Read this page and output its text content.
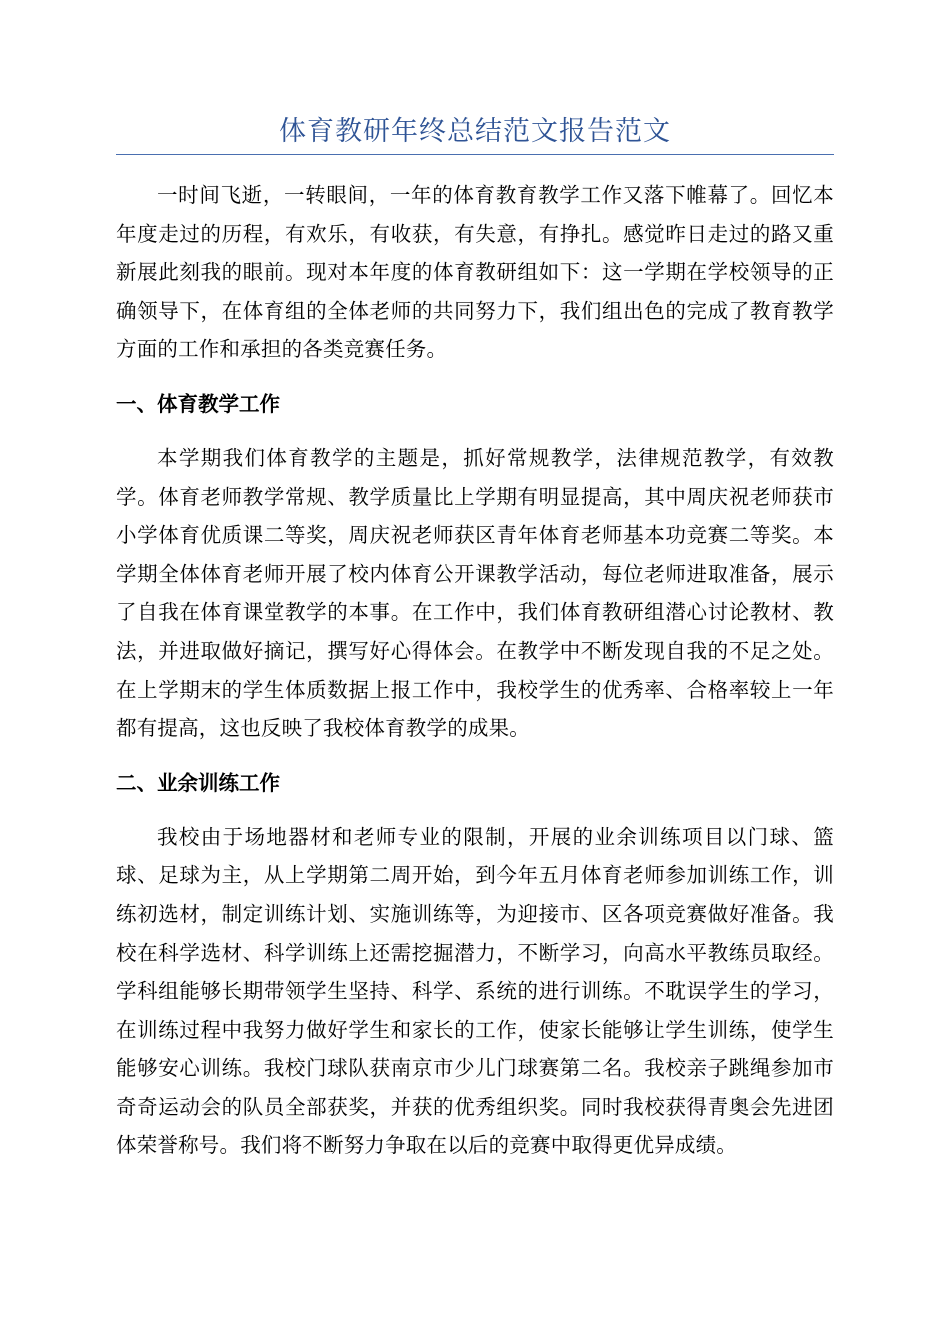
体育教研年终总结范文报告范文

一时间飞逝，一转眼间，一年的体育教育教学工作又落下帷幕了。回忆本年度走过的历程，有欢乐，有收获，有失意，有挣扎。感觉昨日走过的路又重新展此刻我的眼前。现对本年度的体育教研组如下：这一学期在学校领导的正确领导下，在体育组的全体老师的共同努力下，我们组出色的完成了教育教学方面的工作和承担的各类竞赛任务。

一、体育教学工作

本学期我们体育教学的主题是，抓好常规教学，法律规范教学，有效教学。体育老师教学常规、教学质量比上学期有明显提高，其中周庆祝老师获市小学体育优质课二等奖，周庆祝老师获区青年体育老师基本功竞赛二等奖。本学期全体体育老师开展了校内体育公开课教学活动，每位老师进取准备，展示了自我在体育课堂教学的本事。在工作中，我们体育教研组潜心讨论教材、教法，并进取做好摘记，撰写好心得体会。在教学中不断发现自我的不足之处。在上学期末的学生体质数据上报工作中，我校学生的优秀率、合格率较上一年都有提高，这也反映了我校体育教学的成果。

二、业余训练工作

我校由于场地器材和老师专业的限制，开展的业余训练项目以门球、篮球、足球为主，从上学期第二周开始，到今年五月体育老师参加训练工作，训练初选材，制定训练计划、实施训练等，为迎接市、区各项竞赛做好准备。我校在科学选材、科学训练上还需挖掘潜力，不断学习，向高水平教练员取经。学科组能够长期带领学生坚持、科学、系统的进行训练。不耽误学生的学习，在训练过程中我努力做好学生和家长的工作，使家长能够让学生训练，使学生能够安心训练。我校门球队获南京市少儿门球赛第二名。我校亲子跳绳参加市奇奇运动会的队员全部获奖，并获的优秀组织奖。同时我校获得青奥会先进团体荣誉称号。我们将不断努力争取在以后的竞赛中取得更优异成绩。
